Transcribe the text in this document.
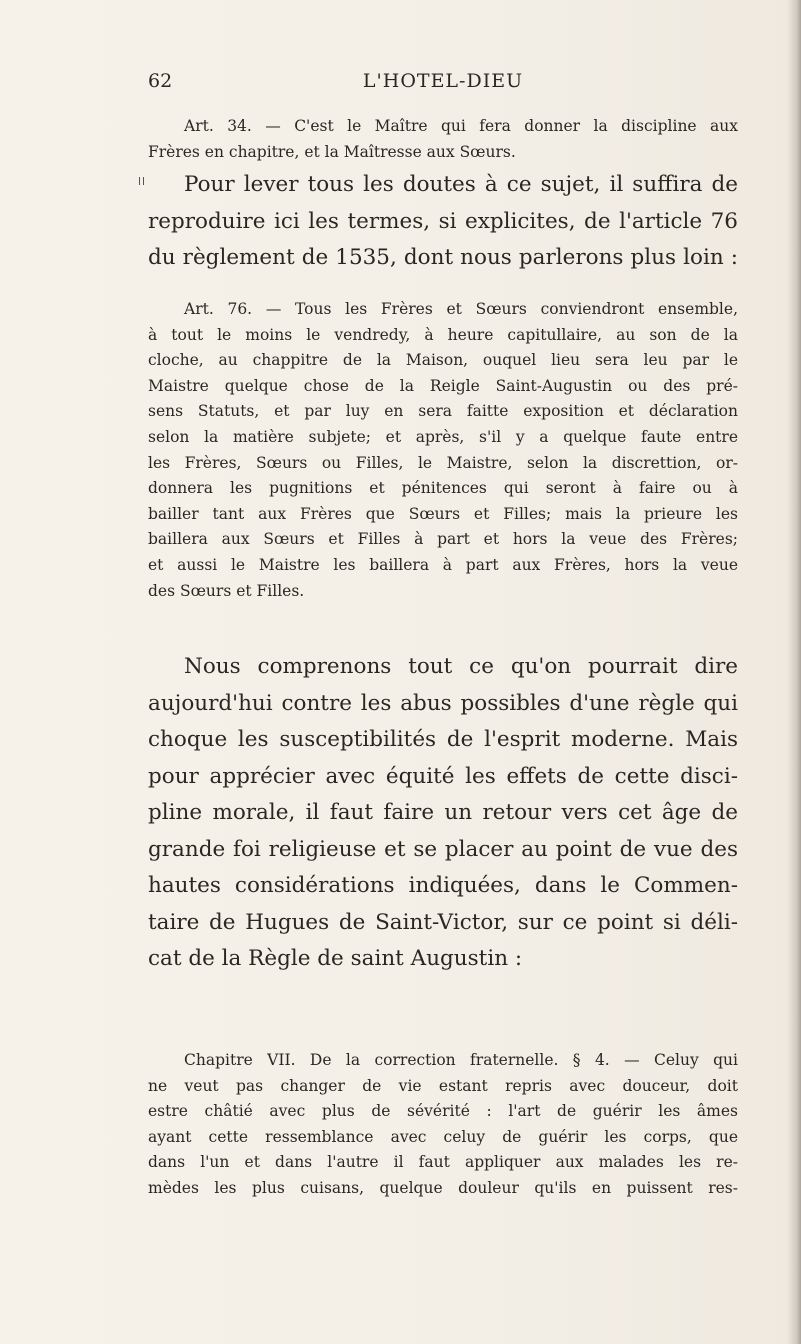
62	L'HOTEL-DIEU
Art. 34. — C'est le Maître qui fera donner la discipline aux
Frères en chapitre, et la Maîtresse aux Sœurs.
Pour lever tous les doutes à ce sujet, il suffira de
reproduire ici les termes, si explicites, de l'article 76
du règlement de 1535, dont nous parlerons plus loin :
Art. 76. — Tous les Frères et Sœurs conviendront ensemble,
à tout le moins le vendredy, à heure capitullaire, au son de la
cloche, au chappitre de la Maison, ouquel lieu sera leu par le
Maistre quelque chose de la Reigle Saint-Augustin ou des pré-
sens Statuts, et par luy en sera faitte exposition et déclaration
selon la matière subjete; et après, s'il y a quelque faute entre
les Frères, Sœurs ou Filles, le Maistre, selon la discrettion, or-
donnera les pugnitions et pénitences qui seront à faire ou à
bailler tant aux Frères que Sœurs et Filles; mais la prieure les
baillera aux Sœurs et Filles à part et hors la veue des Frères;
et aussi le Maistre les baillera à part aux Frères, hors la veue
des Sœurs et Filles.
Nous comprenons tout ce qu'on pourrait dire
aujourd'hui contre les abus possibles d'une règle qui
choque les susceptibilités de l'esprit moderne. Mais
pour apprécier avec équité les effets de cette disci-
pline morale, il faut faire un retour vers cet âge de
grande foi religieuse et se placer au point de vue des
hautes considérations indiquées, dans le Commen-
taire de Hugues de Saint-Victor, sur ce point si déli-
cat de la Règle de saint Augustin :
Chapitre VII. De la correction fraternelle. § 4. — Celuy qui
ne veut pas changer de vie estant repris avec douceur, doit
estre châtié avec plus de sévérité : l'art de guérir les âmes
ayant cette ressemblance avec celuy de guérir les corps, que
dans l'un et dans l'autre il faut appliquer aux malades les re-
mèdes les plus cuisans, quelque douleur qu'ils en puissent res-
